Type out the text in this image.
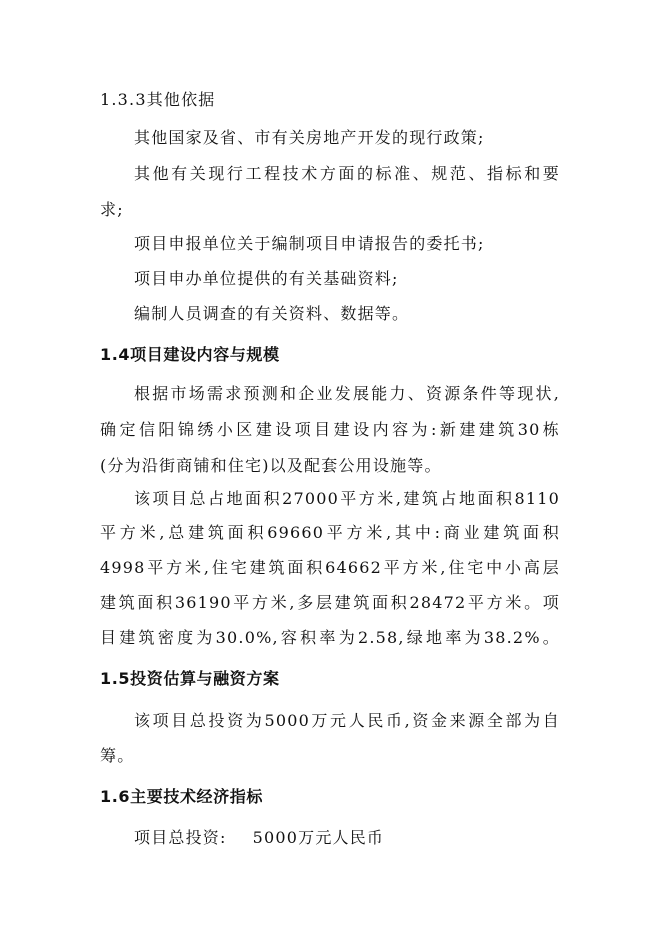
1.3.3其他依据
其他国家及省、市有关房地产开发的现行政策;
其他有关现行工程技术方面的标准、规范、指标和要
求;
项目申报单位关于编制项目申请报告的委托书;
项目申办单位提供的有关基础资料;
编制人员调查的有关资料、数据等。
1.4项目建设内容与规模
根据市场需求预测和企业发展能力、资源条件等现状,
确定信阳锦绣小区建设项目建设内容为:新建建筑30栋
(分为沿街商铺和住宅)以及配套公用设施等。
该项目总占地面积27000平方米,建筑占地面积8110
平方米,总建筑面积69660平方米,其中:商业建筑面积
4998平方米,住宅建筑面积64662平方米,住宅中小高层
建筑面积36190平方米,多层建筑面积28472平方米。项
目建筑密度为30.0%,容积率为2.58,绿地率为38.2%。
1.5投资估算与融资方案
该项目总投资为5000万元人民币,资金来源全部为自
筹。
1.6主要技术经济指标
项目总投资: 5000万元人民币
